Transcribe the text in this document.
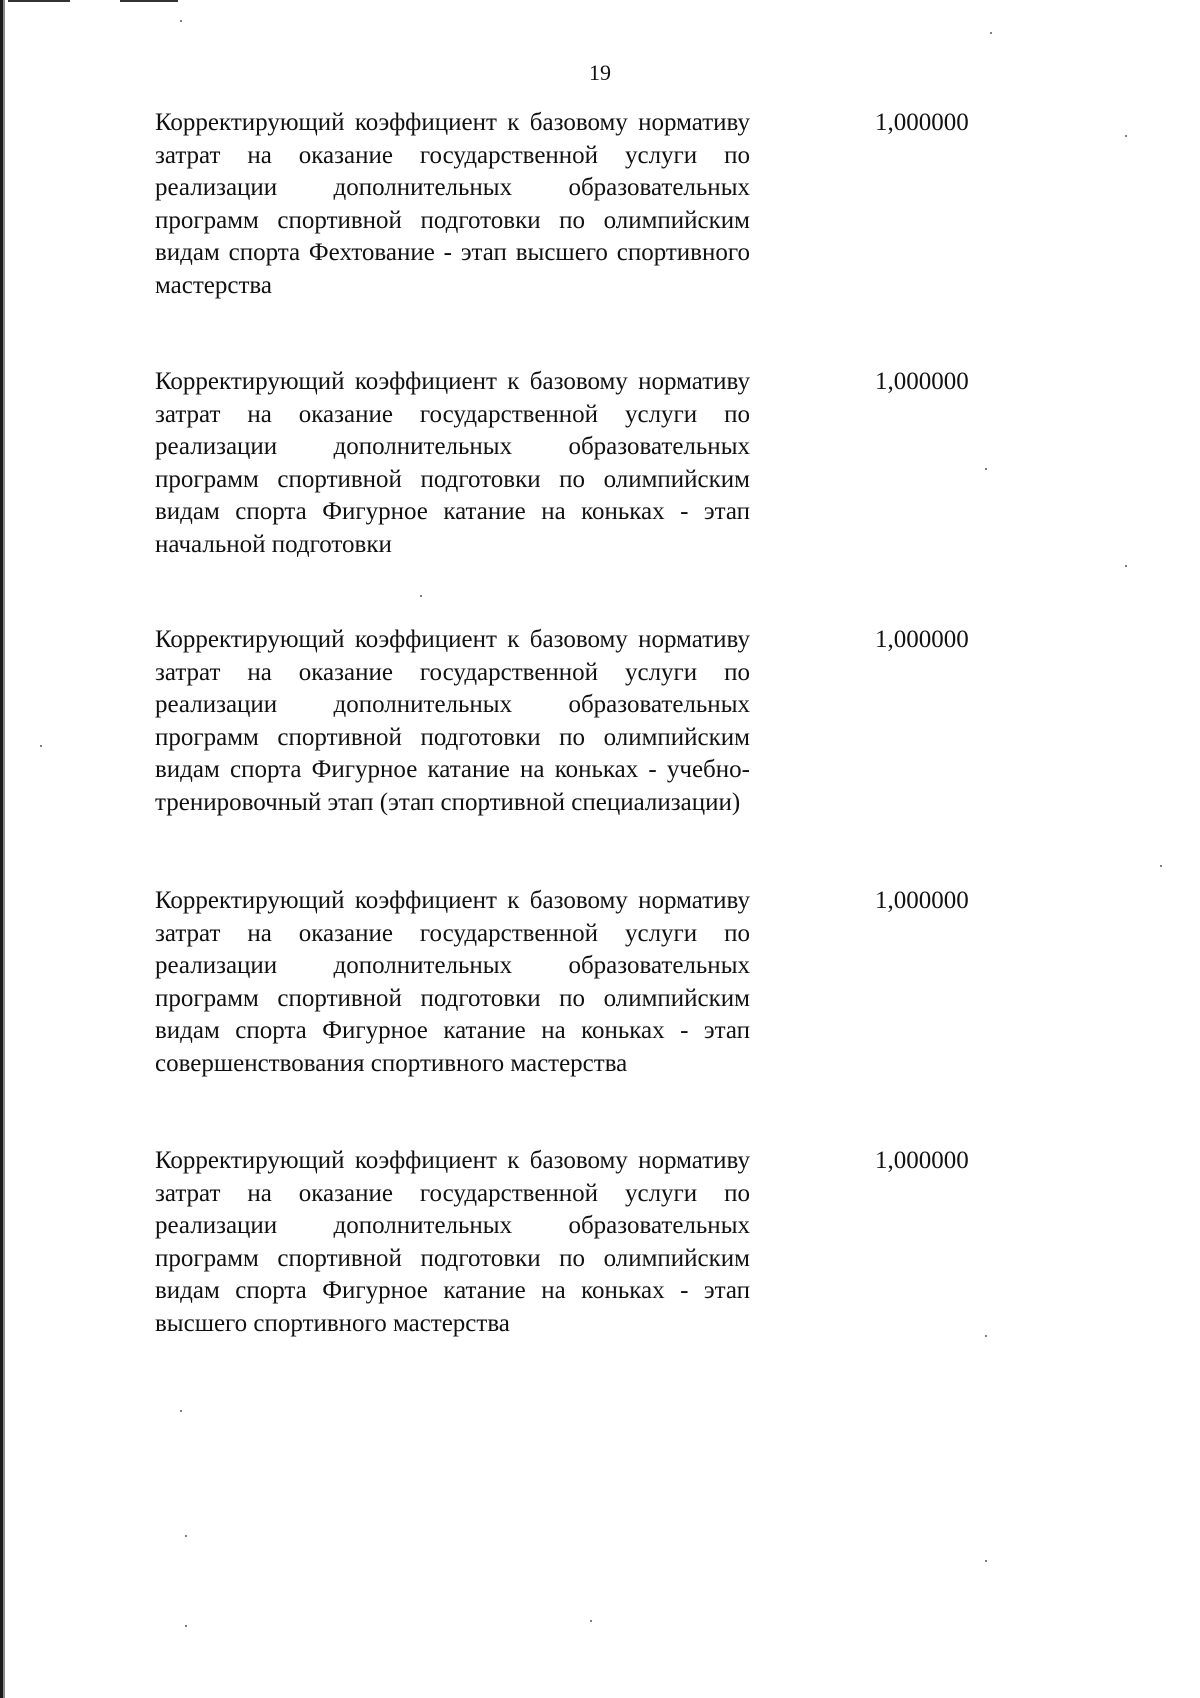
19

Корректирующий коэффициент к базовому нормативу затрат на оказание государственной услуги по реализации дополнительных образовательных программ спортивной подготовки по олимпийским видам спорта Фехтование - этап высшего спортивного мастерства

1,000000

Корректирующий коэффициент к базовому нормативу затрат на оказание государственной услуги по реализации дополнительных образовательных программ спортивной подготовки по олимпийским видам спорта Фигурное катание на коньках - этап начальной подготовки

1,000000

Корректирующий коэффициент к базовому нормативу затрат на оказание государственной услуги по реализации дополнительных образовательных программ спортивной подготовки по олимпийским видам спорта Фигурное катание на коньках - учебно-тренировочный этап (этап спортивной специализации)

1,000000

Корректирующий коэффициент к базовому нормативу затрат на оказание государственной услуги по реализации дополнительных образовательных программ спортивной подготовки по олимпийским видам спорта Фигурное катание на коньках - этап совершенствования спортивного мастерства

1,000000

Корректирующий коэффициент к базовому нормативу затрат на оказание государственной услуги по реализации дополнительных образовательных программ спортивной подготовки по олимпийским видам спорта Фигурное катание на коньках - этап высшего спортивного мастерства

1,000000
